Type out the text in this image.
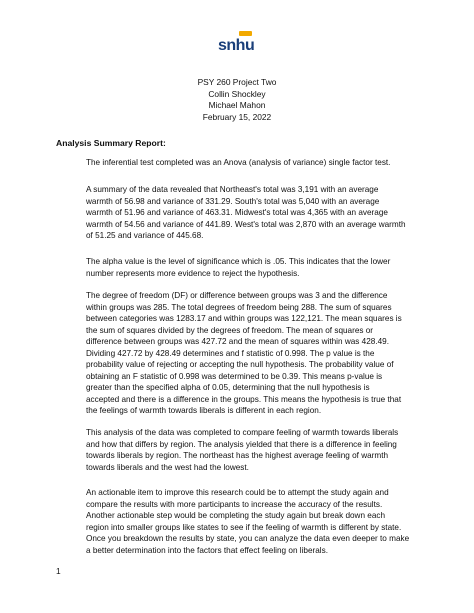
snhu
PSY 260 Project Two
Collin Shockley
Michael Mahon
February 15, 2022
Analysis Summary Report:
The inferential test completed was an Anova (analysis of variance) single factor test.
A summary of the data revealed that Northeast's total was 3,191 with an average
warmth of 56.98 and variance of 331.29. South's total was 5,040 with an average
warmth of 51.96 and variance of 463.31. Midwest's total was 4,365 with an average
warmth of 54.56 and variance of 441.89. West's total was 2,870 with an average warmth
of 51.25 and variance of 445.68.
The alpha value is the level of significance which is .05. This indicates that the lower
number represents more evidence to reject the hypothesis.
The degree of freedom (DF) or difference between groups was 3 and the difference
within groups was 285. The total degrees of freedom being 288. The sum of squares
between categories was 1283.17 and within groups was 122,121. The mean squares is
the sum of squares divided by the degrees of freedom. The mean of squares or
difference between groups was 427.72 and the mean of squares within was 428.49.
Dividing 427.72 by 428.49 determines and f statistic of 0.998. The p value is the
probability value of rejecting or accepting the null hypothesis. The probability value of
obtaining an F statistic of 0.998 was determined to be 0.39. This means p-value is
greater than the specified alpha of 0.05, determining that the null hypothesis is
accepted and there is a difference in the groups. This means the hypothesis is true that
the feelings of warmth towards liberals is different in each region.
This analysis of the data was completed to compare feeling of warmth towards liberals
and how that differs by region. The analysis yielded that there is a difference in feeling
towards liberals by region. The northeast has the highest average feeling of warmth
towards liberals and the west had the lowest.
An actionable item to improve this research could be to attempt the study again and
compare the results with more participants to increase the accuracy of the results.
Another actionable step would be completing the study again but break down each
region into smaller groups like states to see if the feeling of warmth is different by state.
Once you breakdown the results by state, you can analyze the data even deeper to make
a better determination into the factors that effect feeling on liberals.
1
